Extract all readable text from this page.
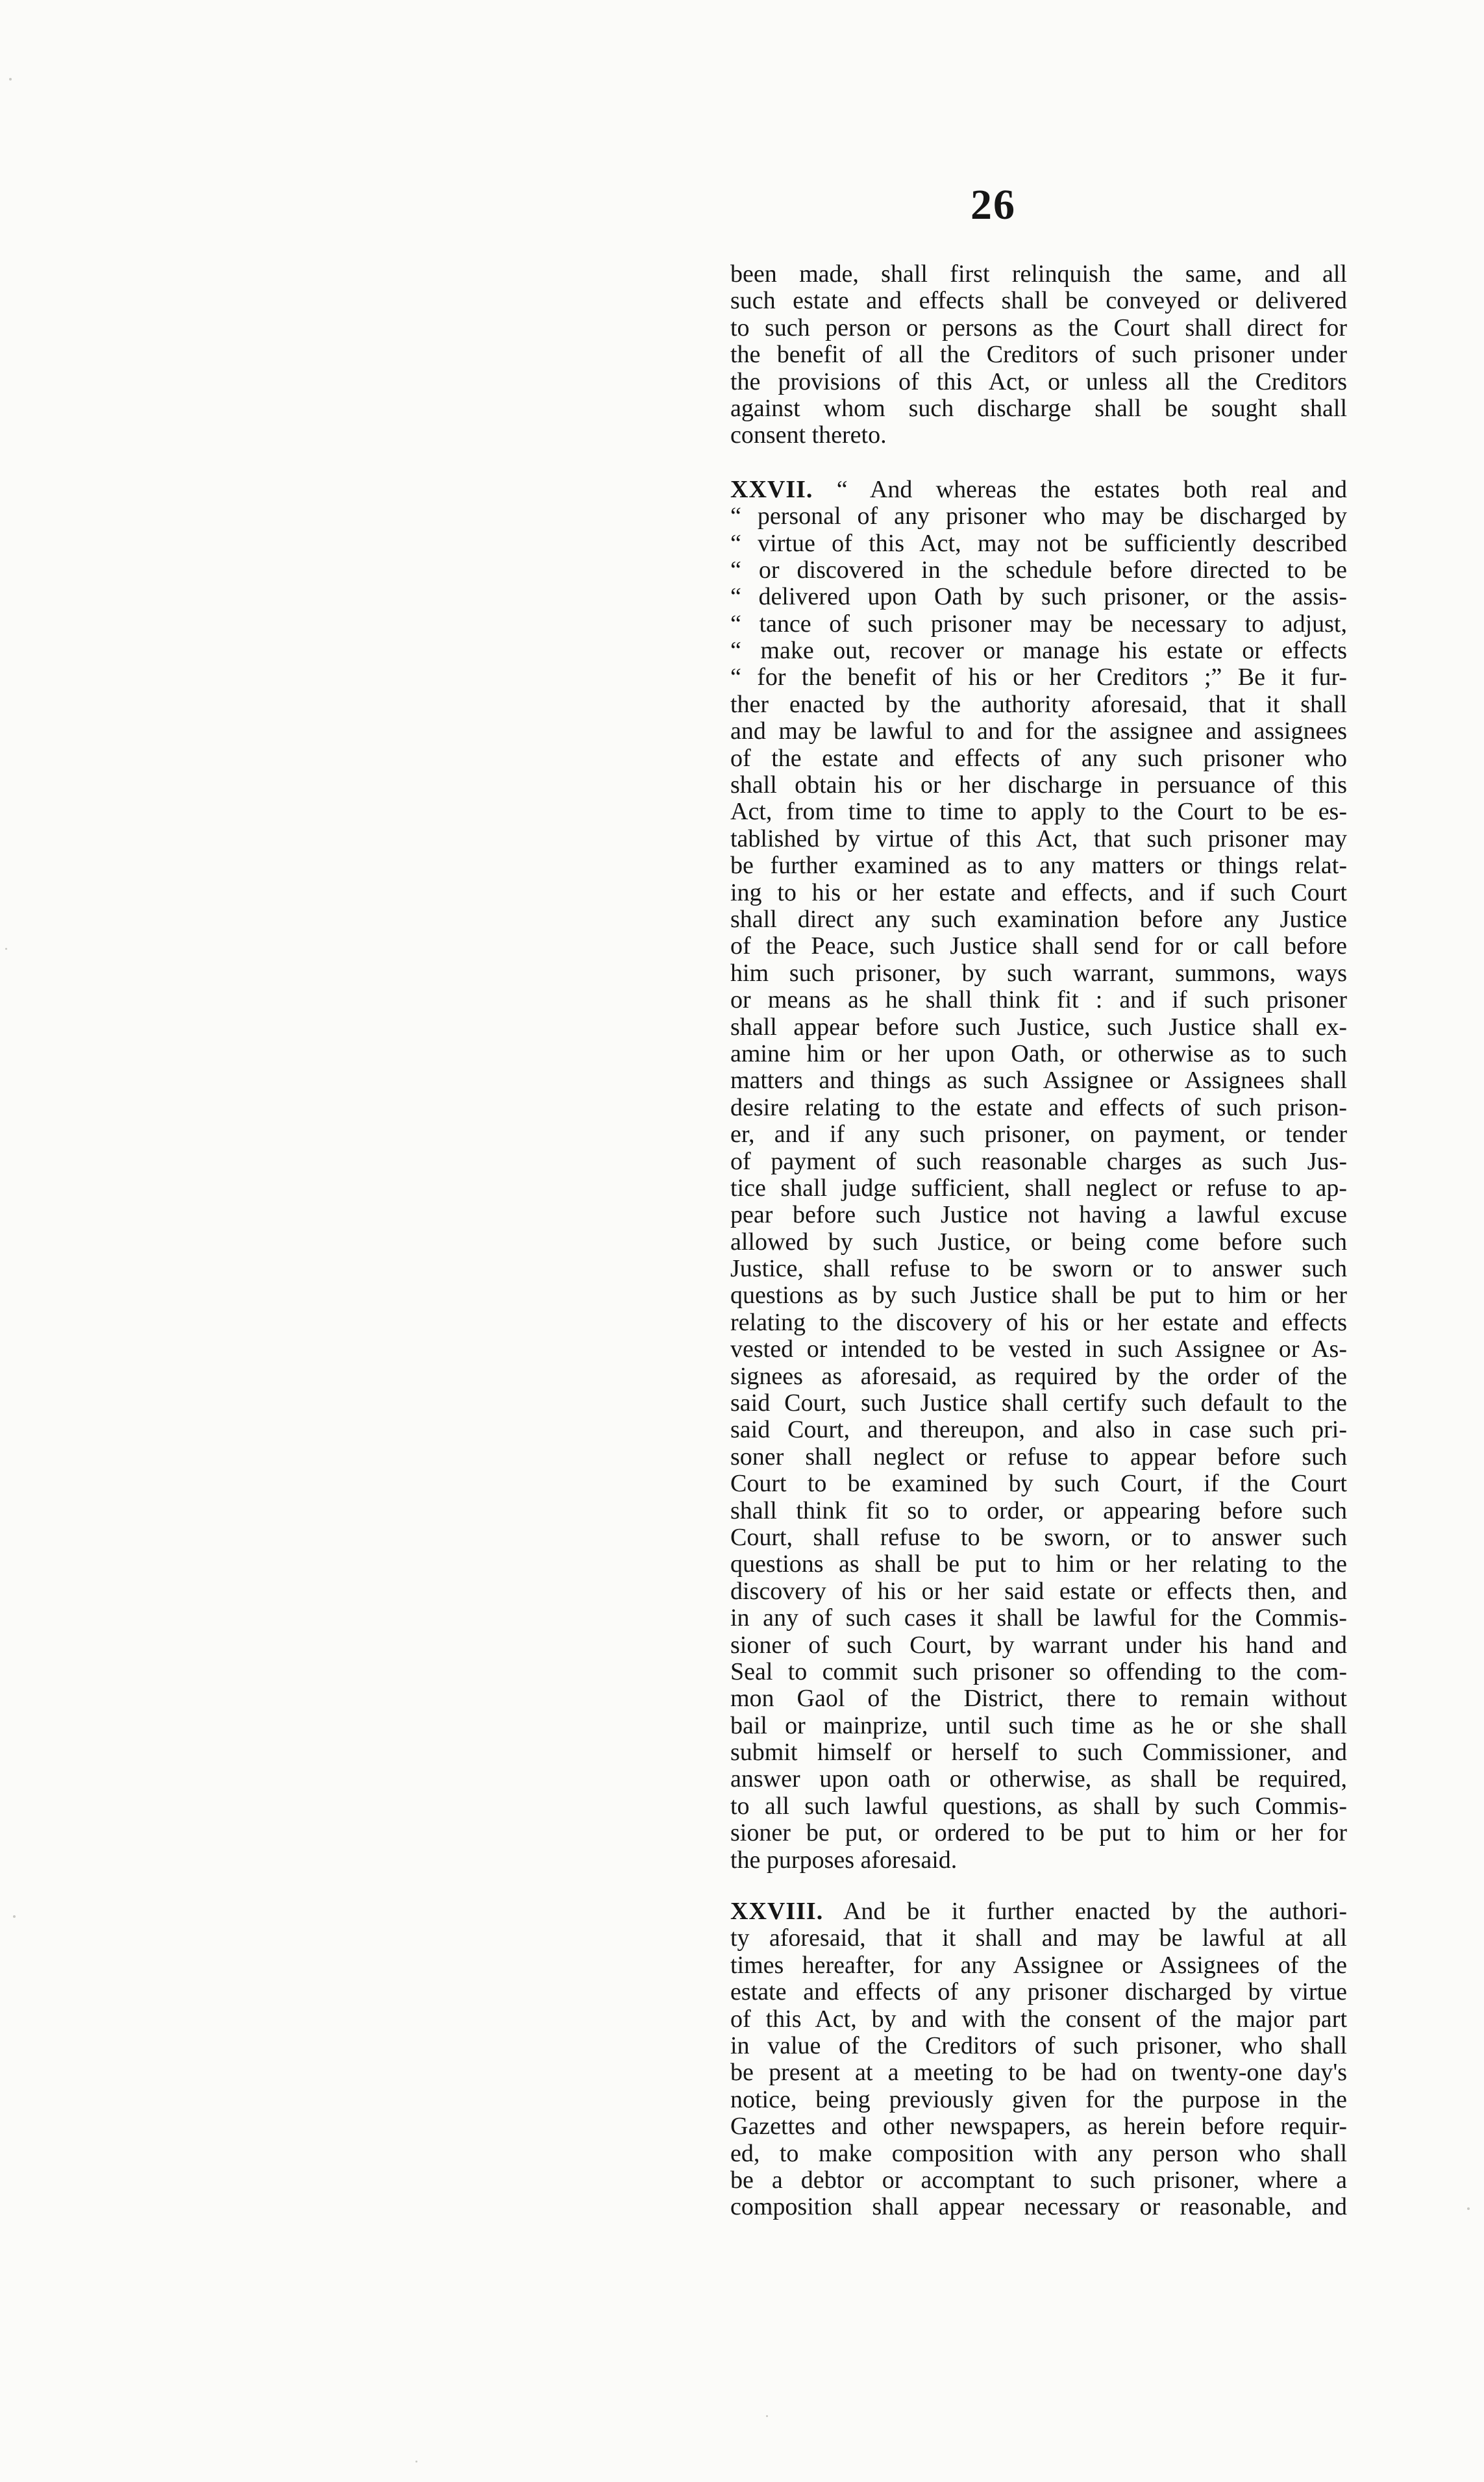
26
been made, shall first relinquish the same, and all
such estate and effects shall be conveyed or delivered
to such person or persons as the Court shall direct for
the benefit of all the Creditors of such prisoner under
the provisions of this Act, or unless all the Creditors
against whom such discharge shall be sought shall
consent thereto.
XXVII. “ And whereas the estates both real and
“ personal of any prisoner who may be discharged by
“ virtue of this Act, may not be sufficiently described
“ or discovered in the schedule before directed to be
“ delivered upon Oath by such prisoner, or the assis-
“ tance of such prisoner may be necessary to adjust,
“ make out, recover or manage his estate or effects
“ for the benefit of his or her Creditors ;” Be it fur-
ther enacted by the authority aforesaid, that it shall
and may be lawful to and for the assignee and assignees
of the estate and effects of any such prisoner who
shall obtain his or her discharge in persuance of this
Act, from time to time to apply to the Court to be es-
tablished by virtue of this Act, that such prisoner may
be further examined as to any matters or things relat-
ing to his or her estate and effects, and if such Court
shall direct any such examination before any Justice
of the Peace, such Justice shall send for or call before
him such prisoner, by such warrant, summons, ways
or means as he shall think fit : and if such prisoner
shall appear before such Justice, such Justice shall ex-
amine him or her upon Oath, or otherwise as to such
matters and things as such Assignee or Assignees shall
desire relating to the estate and effects of such prison-
er, and if any such prisoner, on payment, or tender
of payment of such reasonable charges as such Jus-
tice shall judge sufficient, shall neglect or refuse to ap-
pear before such Justice not having a lawful excuse
allowed by such Justice, or being come before such
Justice, shall refuse to be sworn or to answer such
questions as by such Justice shall be put to him or her
relating to the discovery of his or her estate and effects
vested or intended to be vested in such Assignee or As-
signees as aforesaid, as required by the order of the
said Court, such Justice shall certify such default to the
said Court, and thereupon, and also in case such pri-
soner shall neglect or refuse to appear before such
Court to be examined by such Court, if the Court
shall think fit so to order, or appearing before such
Court, shall refuse to be sworn, or to answer such
questions as shall be put to him or her relating to the
discovery of his or her said estate or effects then, and
in any of such cases it shall be lawful for the Commis-
sioner of such Court, by warrant under his hand and
Seal to commit such prisoner so offending to the com-
mon Gaol of the District, there to remain without
bail or mainprize, until such time as he or she shall
submit himself or herself to such Commissioner, and
answer upon oath or otherwise, as shall be required,
to all such lawful questions, as shall by such Commis-
sioner be put, or ordered to be put to him or her for
the purposes aforesaid.
XXVIII. And be it further enacted by the authori-
ty aforesaid, that it shall and may be lawful at all
times hereafter, for any Assignee or Assignees of the
estate and effects of any prisoner discharged by virtue
of this Act, by and with the consent of the major part
in value of the Creditors of such prisoner, who shall
be present at a meeting to be had on twenty-one day's
notice, being previously given for the purpose in the
Gazettes and other newspapers, as herein before requir-
ed, to make composition with any person who shall
be a debtor or accomptant to such prisoner, where a
composition shall appear necessary or reasonable, and
